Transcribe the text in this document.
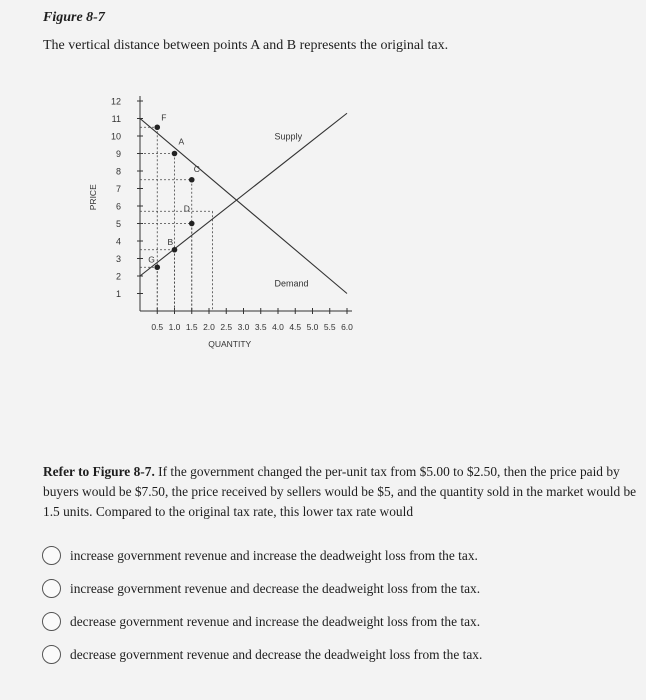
Figure 8-7
The vertical distance between points A and B represents the original tax.
1
2
3
4
5
6
7
8
9
10
11
12
0.5 1.0 1.5 2.0 2.5 3.0 3.5 4.0 4.5 5.0 5.5 6.0
QUANTITY
PRICE
Supply
Demand
F
A
C
D
B
G
Refer to Figure 8-7. If the government changed the per-unit tax from $5.00 to $2.50, then the price paid by buyers would be $7.50, the price received by sellers would be $5, and the quantity sold in the market would be 1.5 units. Compared to the original tax rate, this lower tax rate would
increase government revenue and increase the deadweight loss from the tax.
increase government revenue and decrease the deadweight loss from the tax.
decrease government revenue and increase the deadweight loss from the tax.
decrease government revenue and decrease the deadweight loss from the tax.
